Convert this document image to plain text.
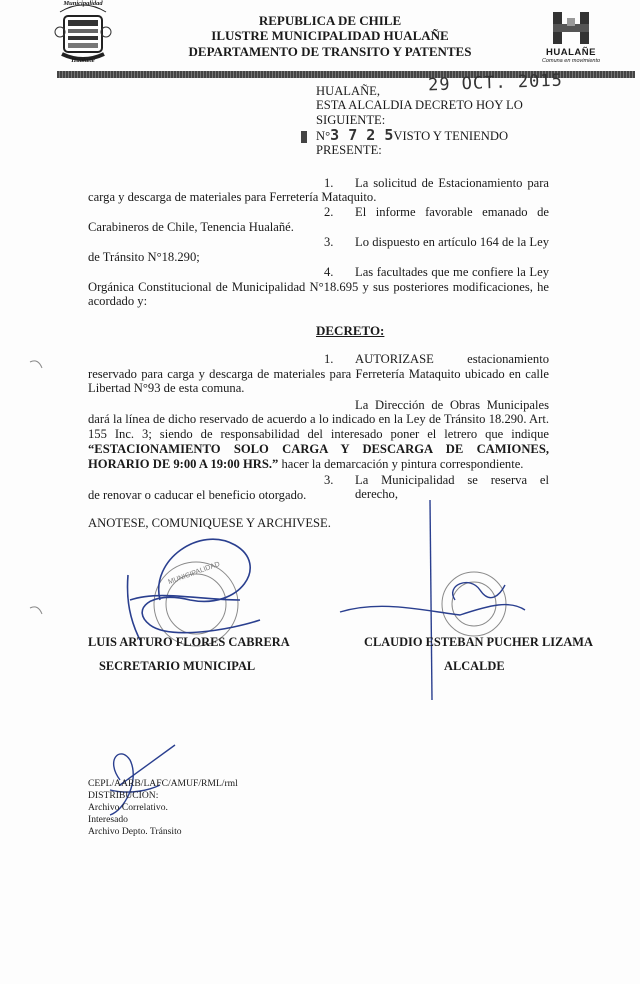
Municipalidad
Hualañé
REPUBLICA DE CHILE
ILUSTRE MUNICIPALIDAD HUALAÑE
DEPARTAMENTO DE TRANSITO Y PATENTES	HUALAÑE
Comuna en movimiento
29 OCT. 2015
HUALAÑE,
ESTA ALCALDIA DECRETO HOY LO
SIGUIENTE:
N°3 7 2 5VISTO Y TENIENDO
PRESENTE:
1. La solicitud de Estacionamiento para
carga y descarga de materiales para Ferretería Mataquito.
2. El informe favorable emanado de
Carabineros de Chile, Tenencia Hualañé.
3. Lo dispuesto en artículo 164 de la Ley
de Tránsito N°18.290;
4. Las facultades que me confiere la Ley
Orgánica Constitucional de Municipalidad N°18.695 y sus posteriores modificaciones, he
acordado y:
DECRETO:
1. AUTORIZASE	estacionamiento
reservado para carga y descarga de materiales para Ferretería Mataquito ubicado en calle
Libertad N°93 de esta comuna.
La Dirección de Obras Municipales
dará la línea de dicho reservado de acuerdo a lo indicado en la Ley de Tránsito 18.290. Art.
155 Inc. 3; siendo de responsabilidad del interesado poner el letrero que indique
“ESTACIONAMIENTO SOLO CARGA Y DESCARGA DE CAMIONES,
HORARIO DE 9:00 A 19:00 HRS.” hacer la demarcación y pintura correspondiente.
3. La Municipalidad se reserva el derecho,
de renovar o caducar el beneficio otorgado.
ANOTESE, COMUNIQUESE Y ARCHIVESE.
MUNICIPALIDAD
LUIS ARTURO FLORES CABRERA
SECRETARIO MUNICIPAL
CLAUDIO ESTEBAN PUCHER LIZAMA
ALCALDE
CEPL/AARB/LAFC/AMUF/RML/rml
DISTRIBUCION:
Archivo Correlativo.
Interesado
Archivo Depto. Tránsito
